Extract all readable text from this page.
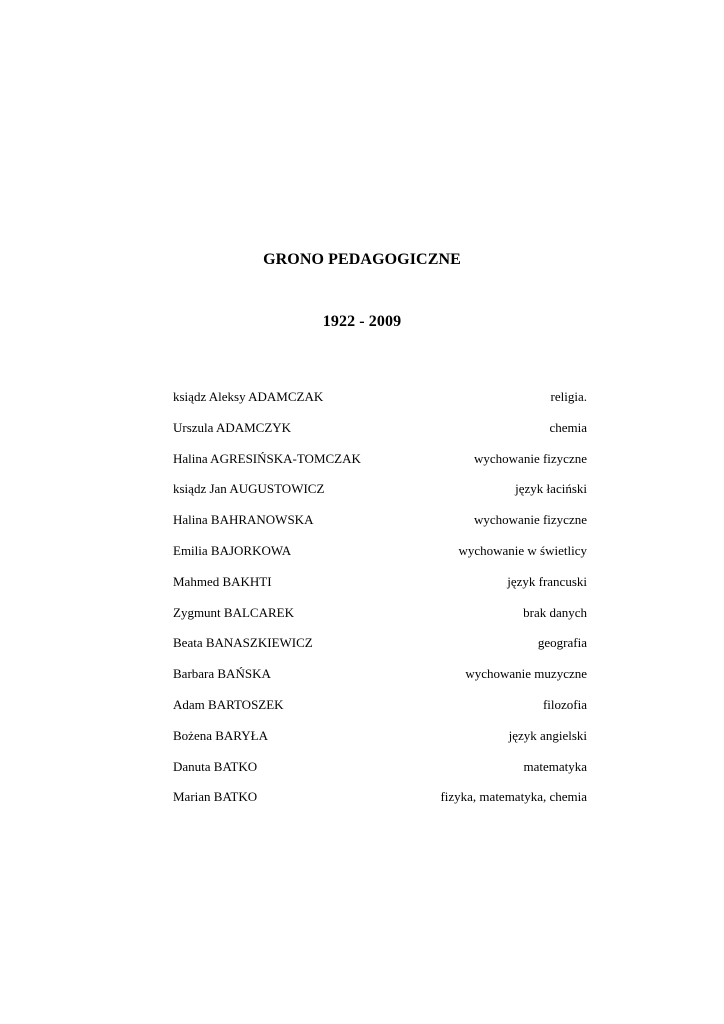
GRONO PEDAGOGICZNE
1922 - 2009
ksiądz Aleksy ADAMCZAK	religia.
Urszula ADAMCZYK	chemia
Halina AGRESIŃSKA-TOMCZAK	wychowanie fizyczne
ksiądz Jan AUGUSTOWICZ	język łaciński
Halina BAHRANOWSKA	wychowanie fizyczne
Emilia BAJORKOWA	wychowanie w świetlicy
Mahmed BAKHTI	język francuski
Zygmunt BALCAREK	brak danych
Beata BANASZKIEWICZ	geografia
Barbara BAŃSKA	wychowanie muzyczne
Adam BARTOSZEK	filozofia
Bożena BARYŁA	język angielski
Danuta BATKO	matematyka
Marian BATKO	fizyka, matematyka, chemia
